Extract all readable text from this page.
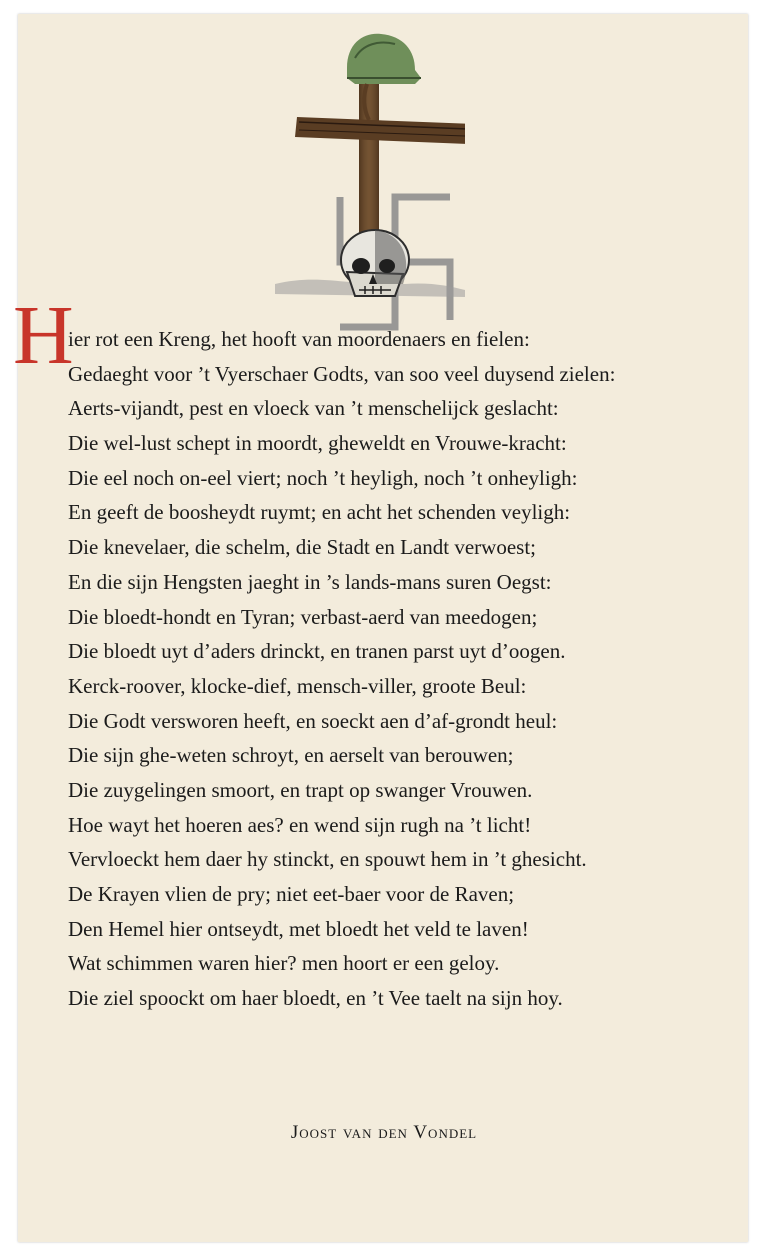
H
ier rot een Kreng, het hooft van moordenaers en fielen:
Gedaeght voor ’t Vyerschaer Godts, van soo veel duysend zielen:
Aerts-vijandt, pest en vloeck van ’t menschelijck geslacht:
Die wel-lust schept in moordt, gheweldt en Vrouwe-kracht:
Die eel noch on-eel viert; noch ’t heyligh, noch ’t onheyligh:
En geeft de boosheydt ruymt; en acht het schenden veyligh:
Die knevelaer, die schelm, die Stadt en Landt verwoest;
En die sijn Hengsten jaeght in ’s lands-mans suren Oegst:
Die bloedt-hondt en Tyran; verbast-aerd van meedogen;
Die bloedt uyt d’aders drinckt, en tranen parst uyt d’oogen.
Kerck-roover, klocke-dief, mensch-viller, groote Beul:
Die Godt versworen heeft, en soeckt aen d’af-grondt heul:
Die sijn ghe-weten schroyt, en aerselt van berouwen;
Die zuygelingen smoort, en trapt op swanger Vrouwen.
Hoe wayt het hoeren aes? en wend sijn rugh na ’t licht!
Vervloeckt hem daer hy stinckt, en spouwt hem in ’t ghesicht.
De Krayen vlien de pry; niet eet-baer voor de Raven;
Den Hemel hier ontseydt, met bloedt het veld te laven!
Wat schimmen waren hier? men hoort er een geloy.
Die ziel spoockt om haer bloedt, en ’t Vee taelt na sijn hoy.
Joost van den Vondel
